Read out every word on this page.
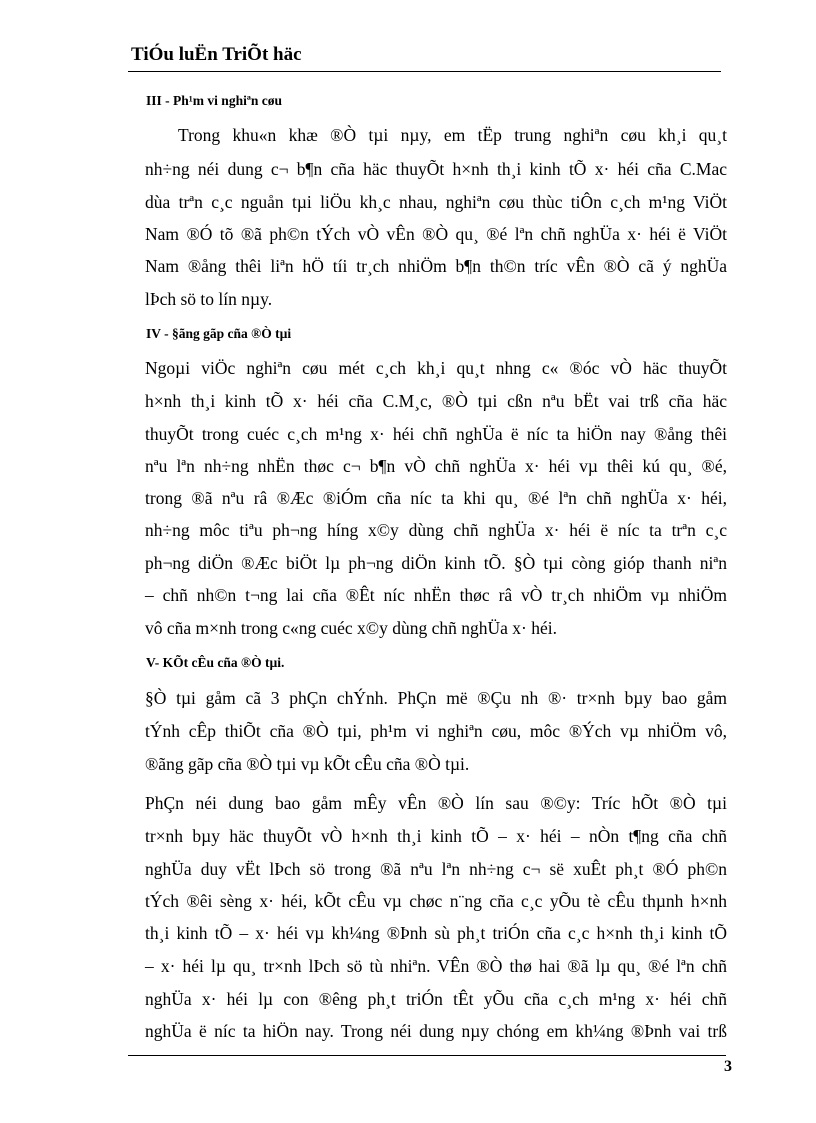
TiÓu luËn TriÕt häc
III - Ph¹m vi nghiªn cøu
Trong khu«n khæ ®Ò tµi nµy, em tËp trung nghiªn cøu kh¸i qu¸t
nh÷ng néi dung c¬ b¶n cña häc thuyÕt h×nh th¸i kinh tÕ x· héi cña C.Mac
dùa trªn c¸c nguån tµi liÖu kh¸c nhau, nghiªn cøu thùc tiÔn c¸ch m¹ng ViÖt
Nam ®Ó tõ ®ã ph©n tÝch vÒ vÊn ®Ò qu¸ ®é lªn chñ nghÜa x· héi ë ViÖt
Nam ®ång thêi liªn hÖ tíi tr¸ch nhiÖm b¶n th©n tríc vÊn ®Ò cã ý nghÜa
lÞch sö to lín nµy.
IV - §ãng gãp cña ®Ò tµi
Ngoµi viÖc nghiªn cøu mét c¸ch kh¸i qu¸t nhng c« ®óc vÒ häc thuyÕt
h×nh th¸i kinh tÕ x· héi cña C.M¸c, ®Ò tµi cßn nªu bËt vai trß cña häc
thuyÕt trong cuéc c¸ch m¹ng x· héi chñ nghÜa ë níc ta hiÖn nay ®ång thêi
nªu lªn nh÷ng nhËn thøc c¬ b¶n vÒ chñ nghÜa x· héi vµ thêi kú qu¸ ®é,
trong ®ã nªu râ ®Æc ®iÓm cña níc ta khi qu¸ ®é lªn chñ nghÜa x· héi,
nh÷ng môc tiªu ph¬ng híng x©y dùng chñ nghÜa x· héi ë níc ta trªn c¸c
ph¬ng diÖn ®Æc biÖt lµ ph¬ng diÖn kinh tÕ. §Ò tµi còng gióp thanh niªn
– chñ nh©n t¬ng lai cña ®Êt níc nhËn thøc râ vÒ tr¸ch nhiÖm vµ nhiÖm
vô cña m×nh trong c«ng cuéc x©y dùng chñ nghÜa x· héi.
V- KÕt cÊu cña ®Ò tµi.
§Ò tµi gåm cã 3 phÇn chÝnh. PhÇn më ®Çu nh ®· tr×nh bµy bao gåm
tÝnh cÊp thiÕt cña ®Ò tµi, ph¹m vi nghiªn cøu, môc ®Ých vµ nhiÖm vô,
®ãng gãp cña ®Ò tµi vµ kÕt cÊu cña ®Ò tµi.
PhÇn néi dung bao gåm mÊy vÊn ®Ò lín sau ®©y: Tríc hÕt ®Ò tµi
tr×nh bµy häc thuyÕt vÒ h×nh th¸i kinh tÕ – x· héi – nÒn t¶ng cña chñ
nghÜa duy vËt lÞch sö trong ®ã nªu lªn nh÷ng c¬ së xuÊt ph¸t ®Ó ph©n
tÝch ®êi sèng x· héi, kÕt cÊu vµ chøc n¨ng cña c¸c yÕu tè cÊu thµnh h×nh
th¸i kinh tÕ – x· héi vµ kh¼ng ®Þnh sù ph¸t triÓn cña c¸c h×nh th¸i kinh tÕ
– x· héi lµ qu¸ tr×nh lÞch sö tù nhiªn. VÊn ®Ò thø hai ®ã lµ qu¸ ®é lªn chñ
nghÜa x· héi lµ con ®êng ph¸t triÓn tÊt yÕu cña c¸ch m¹ng x· héi chñ
nghÜa ë níc ta hiÖn nay. Trong néi dung nµy chóng em kh¼ng ®Þnh vai trß
3
